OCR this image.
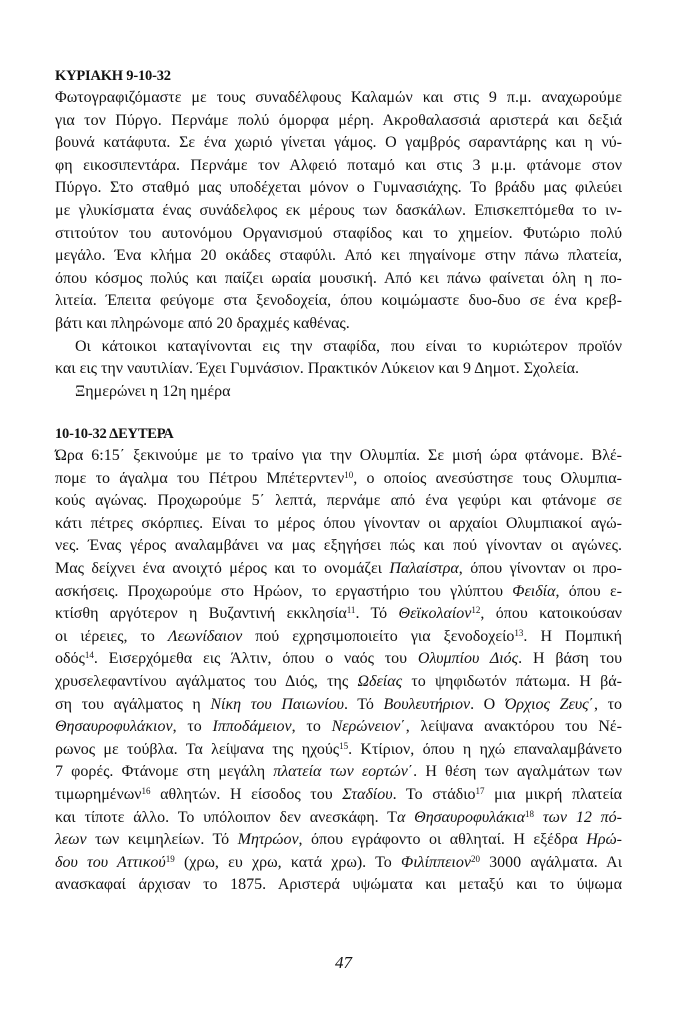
ΚΥΡΙΑΚΗ 9-10-32
Φωτογραφιζόμαστε με τους συναδέλφους Καλαμών και στις 9 π.μ. αναχωρούμε
για τον Πύργο. Περνάμε πολύ όμορφα μέρη. Ακροθαλασσιά αριστερά και δεξιά
βουνά κατάφυτα. Σε ένα χωριό γίνεται γάμος. Ο γαμβρός σαραντάρης και η νύ-
φη εικοσιπεντάρα. Περνάμε τον Αλφειό ποταμό και στις 3 μ.μ. φτάνομε στον
Πύργο. Στο σταθμό μας υποδέχεται μόνον ο Γυμνασιάχης. Το βράδυ μας φιλεύει
με γλυκίσματα ένας συνάδελφος εκ μέρους των δασκάλων. Επισκεπτόμεθα το ιν-
στιτούτον του αυτονόμου Οργανισμού σταφίδος και το χημείον. Φυτώριο πολύ
μεγάλο. Ένα κλήμα 20 οκάδες σταφύλι. Από κει πηγαίνομε στην πάνω πλατεία,
όπου κόσμος πολύς και παίζει ωραία μουσική. Από κει πάνω φαίνεται όλη η πο-
λιτεία. Έπειτα φεύγομε στα ξενοδοχεία, όπου κοιμώμαστε δυο-δυο σε ένα κρεβ-
βάτι και πληρώνομε από 20 δραχμές καθένας.
Οι κάτοικοι καταγίνονται εις την σταφίδα, που είναι το κυριώτερον προϊόν
και εις την ναυτιλίαν. Έχει Γυμνάσιον. Πρακτικόν Λύκειον και 9 Δημοτ. Σχολεία.
Ξημερώνει η 12η ημέρα
10-10-32 ΔΕΥΤΕΡΑ
Ώρα 6:15΄ ξεκινούμε με το τραίνο για την Ολυμπία. Σε μισή ώρα φτάνομε. Βλέ-
πομε το άγαλμα του Πέτρου Μπέτερντεν$^{10}$, ο οποίος ανεσύστησε τους Ολυμπια-
κούς αγώνας. Προχωρούμε 5΄ λεπτά, περνάμε από ένα γεφύρι και φτάνομε σε
κάτι πέτρες σκόρπιες. Είναι το μέρος όπου γίνονταν οι αρχαίοι Ολυμπιακοί αγώ-
νες. Ένας γέρος αναλαμβάνει να μας εξηγήσει πώς και πού γίνονταν οι αγώνες.
Μας δείχνει ένα ανοιχτό μέρος και το ονομάζει Παλαίστρα, όπου γίνονταν οι προ-
ασκήσεις. Προχωρούμε στο Ηρώον, το εργαστήριο του γλύπτου Φειδία, όπου ε-
κτίσθη αργότερον η Βυζαντινή εκκλησία$^{11}$. Τό Θεϊκολαίον$^{12}$, όπου κατοικούσαν
οι ιέρειες, το Λεωνίδαιον πού εχρησιμοποιείτο για ξενοδοχείο$^{13}$. Η Πομπική
οδός$^{14}$. Εισερχόμεθα εις Άλτιν, όπου ο ναός του Ολυμπίου Διός. Η βάση του
χρυσελεφαντίνου αγάλματος του Διός, της Ωδείας το ψηφιδωτόν πάτωμα. Η βά-
ση του αγάλματος η Νίκη του Παιωνίου. Τό Βουλευτήριον. Ο Όρχιος Ζευς΄, το
Θησαυροφυλάκιον, το Ιπποδάμειον, το Νερώνειον΄, λείψανα ανακτόρου του Νέ-
ρωνος με τούβλα. Τα λείψανα της ηχούς$^{15}$. Κτίριον, όπου η ηχώ επαναλαμβάνετο
7 φορές. Φτάνομε στη μεγάλη πλατεία των εορτών΄. Η θέση των αγαλμάτων των
τιμωρημένων$^{16}$ αθλητών. Η είσοδος του Σταδίου. Το στάδιο$^{17}$ μια μικρή πλατεία
και τίποτε άλλο. Το υπόλοιπον δεν ανεσκάφη. Τα Θησαυροφυλάκια$^{18}$ των 12 πό-
λεων των κειμηλείων. Τό Μητρώον, όπου εγράφοντο οι αθληταί. Η εξέδρα Ηρώ-
δου του Αττικού$^{19}$ (χρω, ευ χρω, κατά χρω). Το Φιλίππειον$^{20}$ 3000 αγάλματα. Αι
ανασκαφαί άρχισαν το 1875. Αριστερά υψώματα και μεταξύ και το ύψωμα
47
